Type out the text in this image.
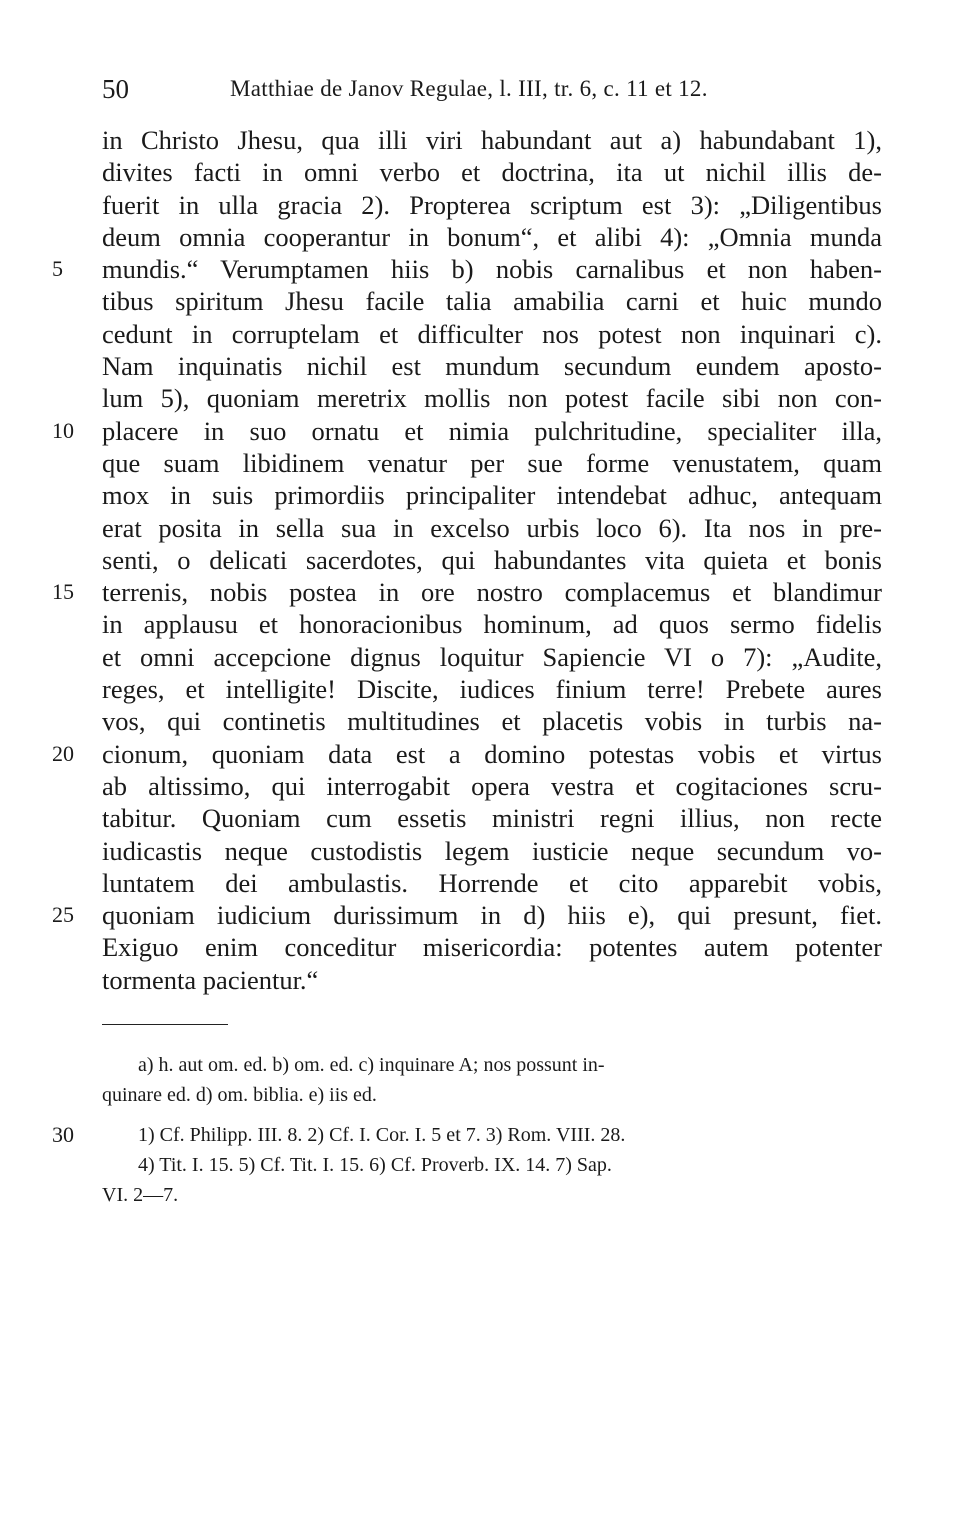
50	Matthiae de Janov Regulae, l. III, tr. 6, c. 11 et 12.
in Christo Jhesu, qua illi viri habundant aut a) habundabant 1),
divites facti in omni verbo et doctrina, ita ut nichil illis de-
fuerit in ulla gracia 2). Propterea scriptum est 3): „Diligentibus
deum omnia cooperantur in bonum“, et alibi 4): „Omnia munda
5	mundis.“ Verumptamen hiis b) nobis carnalibus et non haben-
tibus spiritum Jhesu facile talia amabilia carni et huic mundo
cedunt in corruptelam et difficulter nos potest non inquinari c).
Nam inquinatis nichil est mundum secundum eundem aposto-
lum 5), quoniam meretrix mollis non potest facile sibi non con-
10	placere in suo ornatu et nimia pulchritudine, specialiter illa,
que suam libidinem venatur per sue forme venustatem, quam
mox in suis primordiis principaliter intendebat adhuc, antequam
erat posita in sella sua in excelso urbis loco 6). Ita nos in pre-
senti, o delicati sacerdotes, qui habundantes vita quieta et bonis
15	terrenis, nobis postea in ore nostro complacemus et blandimur
in applausu et honoracionibus hominum, ad quos sermo fidelis
et omni accepcione dignus loquitur Sapiencie VI o 7): „Audite,
reges, et intelligite! Discite, iudices finium terre! Prebete aures
vos, qui continetis multitudines et placetis vobis in turbis na-
20	cionum, quoniam data est a domino potestas vobis et virtus
ab altissimo, qui interrogabit opera vestra et cogitaciones scru-
tabitur. Quoniam cum essetis ministri regni illius, non recte
iudicastis neque custodistis legem iusticie neque secundum vo-
luntatem dei ambulastis. Horrende et cito apparebit vobis,
25	quoniam iudicium durissimum in d) hiis e), qui presunt, fiet.
Exiguo enim conceditur misericordia: potentes autem potenter
tormenta pacientur.“
a) h. aut om. ed. b) om. ed. c) inquinare A; nos possunt in-
quinare ed. d) om. biblia. e) iis ed.
30	1) Cf. Philipp. III. 8. 2) Cf. I. Cor. I. 5 et 7. 3) Rom. VIII. 28.
4) Tit. I. 15. 5) Cf. Tit. I. 15. 6) Cf. Proverb. IX. 14. 7) Sap.
VI. 2—7.
